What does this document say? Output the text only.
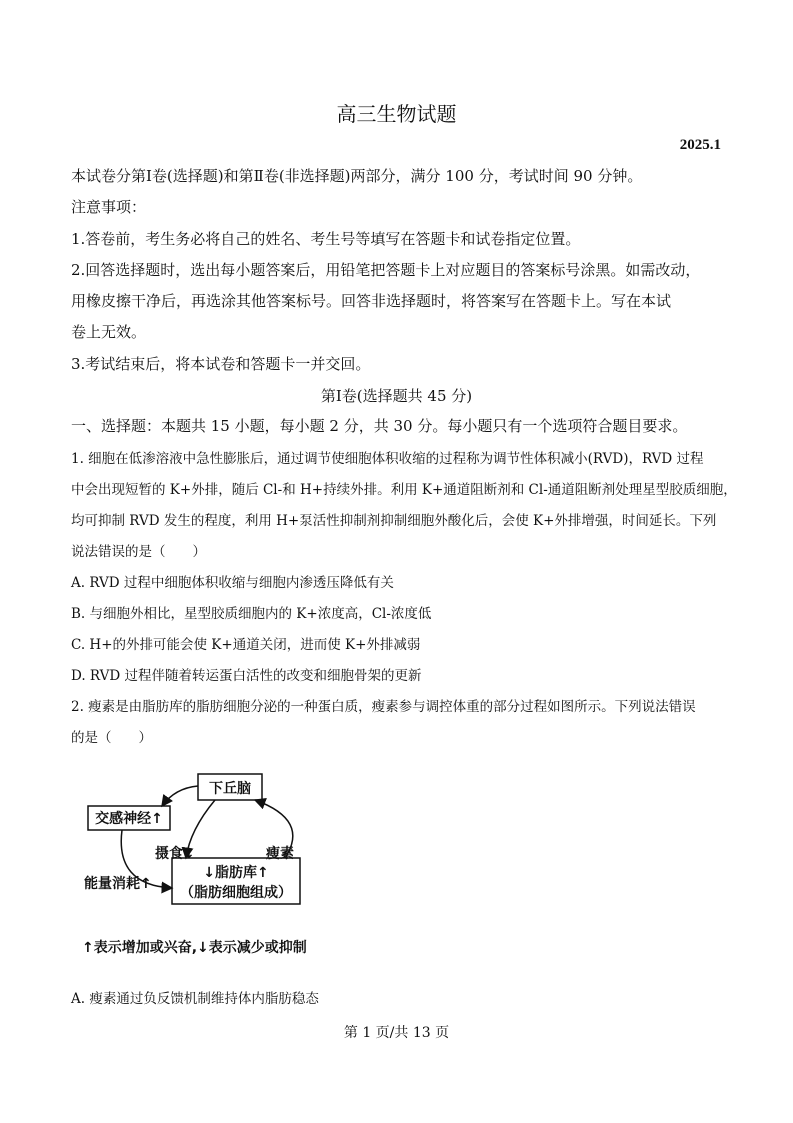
高三生物试题
2025.1
本试卷分第Ⅰ卷(选择题)和第Ⅱ卷(非选择题)两部分，满分 100 分，考试时间 90 分钟。
注意事项：
1.答卷前，考生务必将自己的姓名、考生号等填写在答题卡和试卷指定位置。
2.回答选择题时，选出每小题答案后，用铅笔把答题卡上对应题目的答案标号涂黑。如需改动，
用橡皮擦干净后，再选涂其他答案标号。回答非选择题时，将答案写在答题卡上。写在本试
卷上无效。
3.考试结束后，将本试卷和答题卡一并交回。
第Ⅰ卷(选择题共 45 分)
一、选择题：本题共 15 小题，每小题 2 分，共 30 分。每小题只有一个选项符合题目要求。
1. 细胞在低渗溶液中急性膨胀后，通过调节使细胞体积收缩的过程称为调节性体积减小(RVD)，RVD 过程
中会出现短暂的 K+外排，随后 Cl-和 H+持续外排。利用 K+通道阻断剂和 Cl-通道阻断剂处理星型胶质细胞，
均可抑制 RVD 发生的程度，利用 H+泵活性抑制剂抑制细胞外酸化后，会使 K+外排增强，时间延长。下列
说法错误的是（　　）
A. RVD 过程中细胞体积收缩与细胞内渗透压降低有关
B. 与细胞外相比，星型胶质细胞内的 K+浓度高，Cl-浓度低
C. H+的外排可能会使 K+通道关闭，进而使 K+外排减弱
D. RVD 过程伴随着转运蛋白活性的改变和细胞骨架的更新
2. 瘦素是由脂肪库的脂肪细胞分泌的一种蛋白质，瘦素参与调控体重的部分过程如图所示。下列说法错误
的是（　　）
下丘脑
交感神经↑
摄食↓	瘦素
能量消耗↑
↓脂肪库↑
（脂肪细胞组成）
↑表示增加或兴奋,↓表示减少或抑制
A. 瘦素通过负反馈机制维持体内脂肪稳态
第 1 页/共 13 页
